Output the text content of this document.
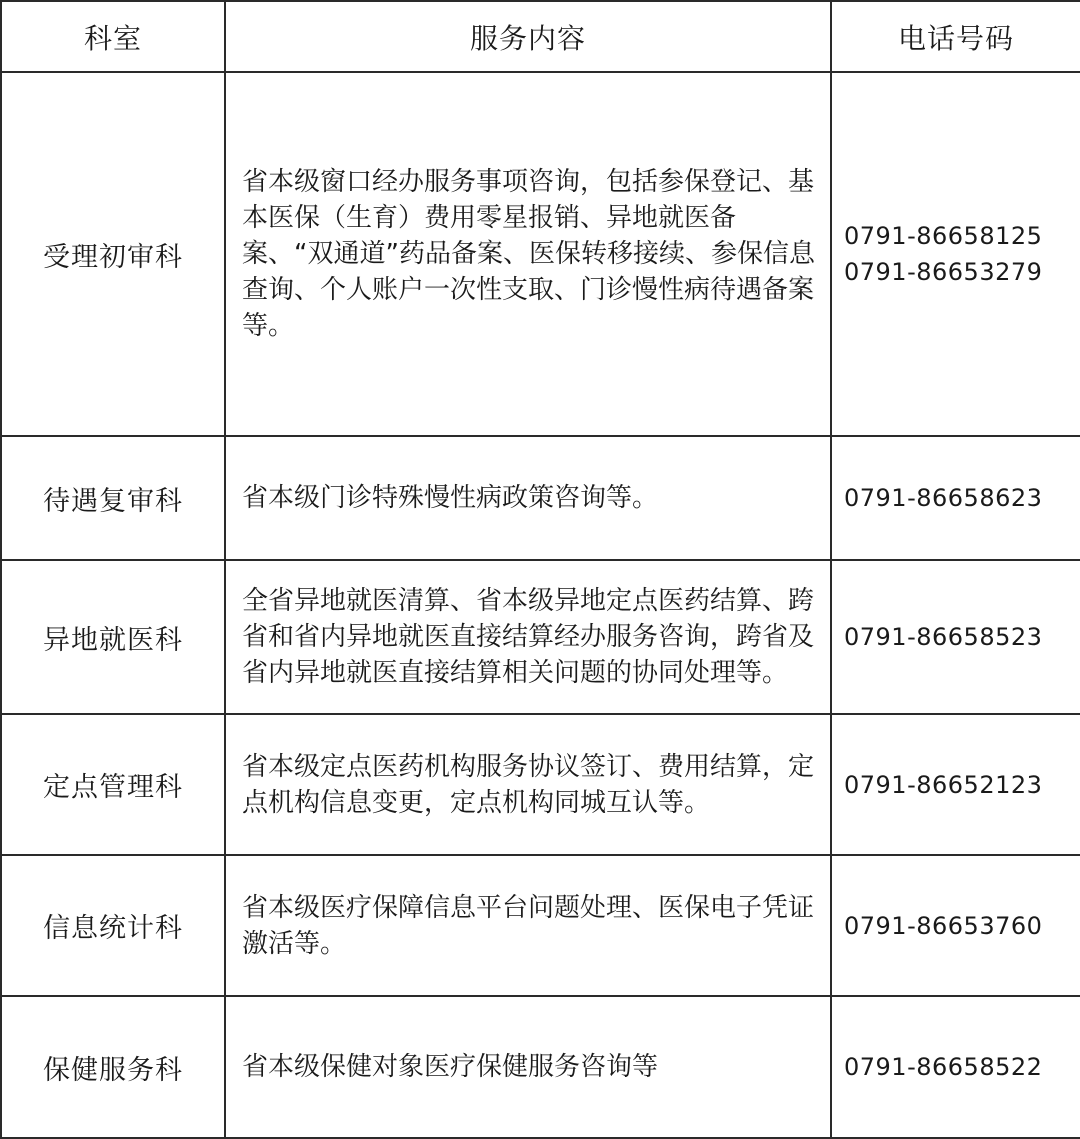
科室	服务内容	电话号码
受理初审科	省本级窗口经办服务事项咨询，包括参保登记、基本医保（生育）费用零星报销、异地就医备案、“双通道”药品备案、医保转移接续、参保信息查询、个人账户一次性支取、门诊慢性病待遇备案等。	0791-86658125
0791-86653279

待遇复审科	省本级门诊特殊慢性病政策咨询等。	0791-86658623

异地就医科	全省异地就医清算、省本级异地定点医药结算、跨省和省内异地就医直接结算经办服务咨询，跨省及省内异地就医直接结算相关问题的协同处理等。	0791-86658523

定点管理科	省本级定点医药机构服务协议签订、费用结算，定点机构信息变更，定点机构同城互认等。	0791-86652123

信息统计科	省本级医疗保障信息平台问题处理、医保电子凭证激活等。	0791-86653760

保健服务科	省本级保健对象医疗保健服务咨询等	0791-86658522
